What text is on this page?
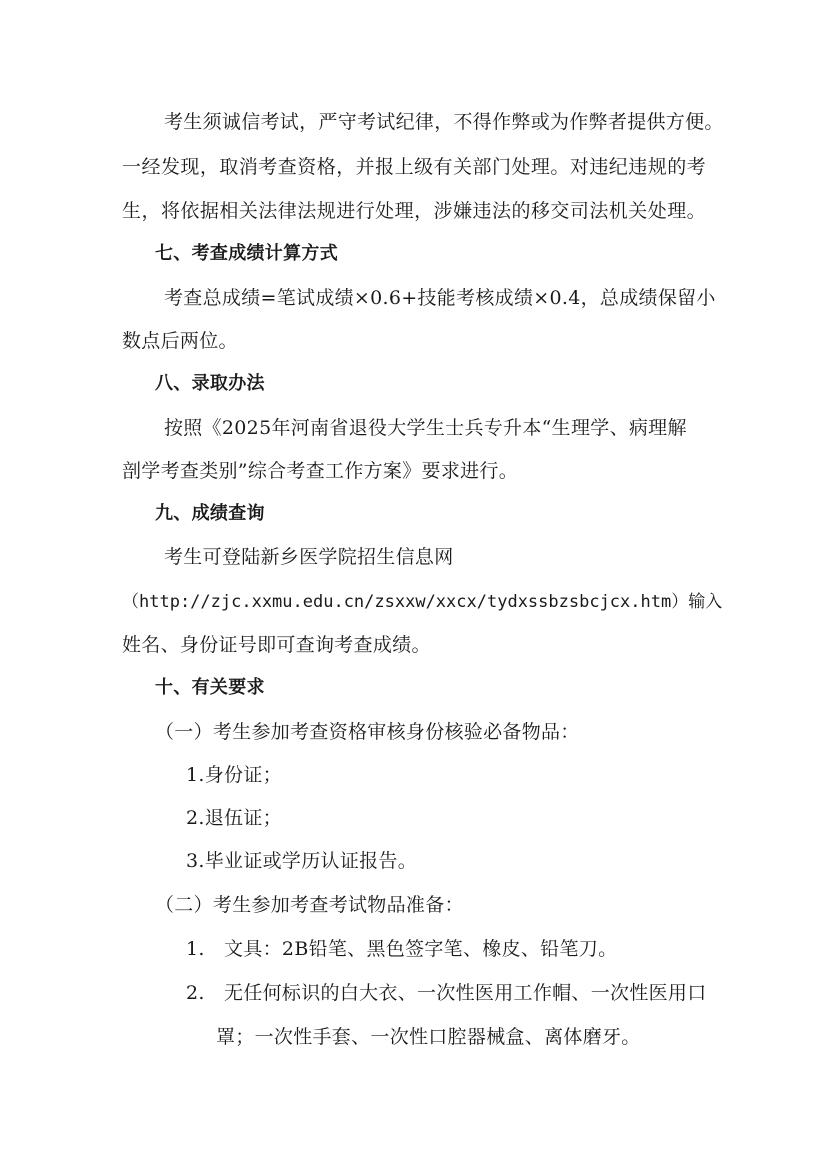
考生须诚信考试，严守考试纪律，不得作弊或为作弊者提供方便。
一经发现，取消考查资格，并报上级有关部门处理。对违纪违规的考
生，将依据相关法律法规进行处理，涉嫌违法的移交司法机关处理。
七、考查成绩计算方式
考查总成绩=笔试成绩×0.6+技能考核成绩×0.4，总成绩保留小
数点后两位。
八、录取办法
按照《2025年河南省退役大学生士兵专升本“生理学、病理解
剖学考查类别”综合考查工作方案》要求进行。
九、成绩查询
考生可登陆新乡医学院招生信息网
（http://zjc.xxmu.edu.cn/zsxxw/xxcx/tydxssbzsbcjcx.htm）输入
姓名、身份证号即可查询考查成绩。
十、有关要求
（一）考生参加考查资格审核身份核验必备物品：
1.身份证；
2.退伍证；
3.毕业证或学历认证报告。
（二）考生参加考查考试物品准备：
1.　文具：2B铅笔、黑色签字笔、橡皮、铅笔刀。
2.　无任何标识的白大衣、一次性医用工作帽、一次性医用口
罩；一次性手套、一次性口腔器械盒、离体磨牙。
